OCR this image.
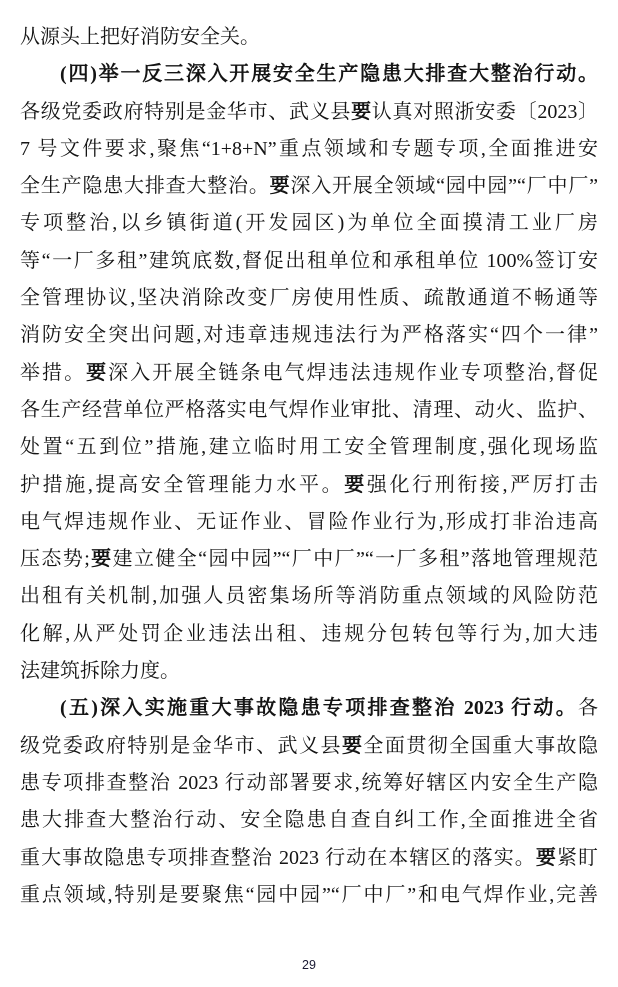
从源头上把好消防安全关。
(四)举一反三深入开展安全生产隐患大排查大整治行动。
各级党委政府特别是金华市、武义县要认真对照浙安委〔2023〕
7 号文件要求,聚焦“1+8+N”重点领域和专题专项,全面推进安
全生产隐患大排查大整治。要深入开展全领域“园中园”“厂中厂”
专项整治,以乡镇街道(开发园区)为单位全面摸清工业厂房
等“一厂多租”建筑底数,督促出租单位和承租单位 100%签订安
全管理协议,坚决消除改变厂房使用性质、疏散通道不畅通等
消防安全突出问题,对违章违规违法行为严格落实“四个一律”
举措。要深入开展全链条电气焊违法违规作业专项整治,督促
各生产经营单位严格落实电气焊作业审批、清理、动火、监护、
处置“五到位”措施,建立临时用工安全管理制度,强化现场监
护措施,提高安全管理能力水平。要强化行刑衔接,严厉打击
电气焊违规作业、无证作业、冒险作业行为,形成打非治违高
压态势;要建立健全“园中园”“厂中厂”“一厂多租”落地管理规范
出租有关机制,加强人员密集场所等消防重点领域的风险防范
化解,从严处罚企业违法出租、违规分包转包等行为,加大违
法建筑拆除力度。
(五)深入实施重大事故隐患专项排查整治 2023 行动。各
级党委政府特别是金华市、武义县要全面贯彻全国重大事故隐
患专项排查整治 2023 行动部署要求,统筹好辖区内安全生产隐
患大排查大整治行动、安全隐患自查自纠工作,全面推进全省
重大事故隐患专项排查整治 2023 行动在本辖区的落实。要紧盯
重点领域,特别是要聚焦“园中园”“厂中厂”和电气焊作业,完善
29
